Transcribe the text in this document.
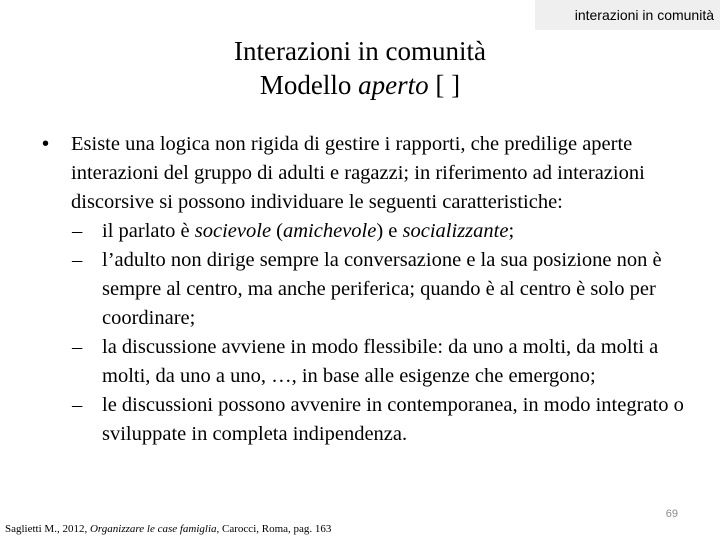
interazioni in comunità
Interazioni in comunità
Modello aperto [ ]
• Esiste una logica non rigida di gestire i rapporti, che predilige aperte interazioni del gruppo di adulti e ragazzi; in riferimento ad interazioni discorsive si possono individuare le seguenti caratteristiche:
– il parlato è socievole (amichevole) e socializzante;
– l’adulto non dirige sempre la conversazione e la sua posizione non è sempre al centro, ma anche periferica; quando è al centro è solo per coordinare;
– la discussione avviene in modo flessibile: da uno a molti, da molti a molti, da uno a uno, …, in base alle esigenze che emergono;
– le discussioni possono avvenire in contemporanea, in modo integrato o sviluppate in completa indipendenza.
69
Saglietti M., 2012, Organizzare le case famiglia, Carocci, Roma, pag. 163
